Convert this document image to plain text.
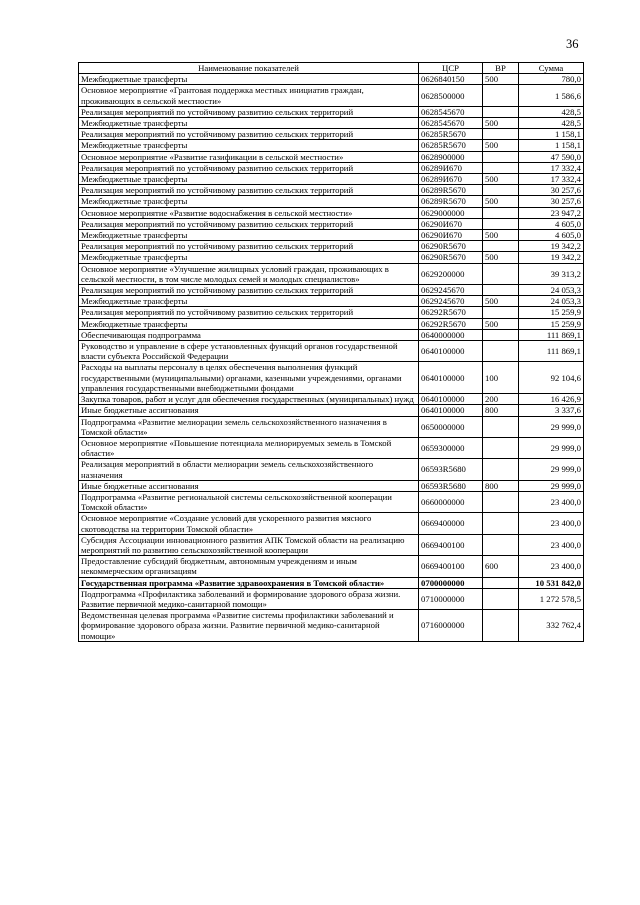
36
Наименование показателей	ЦСР	ВР	Сумма
Межбюджетные трансферты	0626840150	500	780,0
Основное мероприятие «Грантовая поддержка местных инициатив граждан, проживающих в сельской местности»	0628500000		1 586,6
Реализация мероприятий по устойчивому развитию сельских территорий	0628545670		428,5
Межбюджетные трансферты	0628545670	500	428,5
Реализация мероприятий по устойчивому развитию сельских территорий	06285R5670		1 158,1
Межбюджетные трансферты	06285R5670	500	1 158,1
Основное мероприятие «Развитие газификации в сельской местности»	0628900000		47 590,0
Реализация мероприятий по устойчивому развитию сельских территорий	06289И670		17 332,4
Межбюджетные трансферты	06289И670	500	17 332,4
Реализация мероприятий по устойчивому развитию сельских территорий	06289R5670		30 257,6
Межбюджетные трансферты	06289R5670	500	30 257,6
Основное мероприятие «Развитие водоснабжения в сельской местности»	0629000000		23 947,2
Реализация мероприятий по устойчивому развитию сельских территорий	06290И670		4 605,0
Межбюджетные трансферты	06290И670	500	4 605,0
Реализация мероприятий по устойчивому развитию сельских территорий	06290R5670		19 342,2
Межбюджетные трансферты	06290R5670	500	19 342,2
Основное мероприятие «Улучшение жилищных условий граждан, проживающих в сельской местности, в том числе молодых семей и молодых специалистов»	0629200000		39 313,2
Реализация мероприятий по устойчивому развитию сельских территорий	0629245670		24 053,3
Межбюджетные трансферты	0629245670	500	24 053,3
Реализация мероприятий по устойчивому развитию сельских территорий	06292R5670		15 259,9
Межбюджетные трансферты	06292R5670	500	15 259,9
Обеспечивающая подпрограмма	0640000000		111 869,1
Руководство и управление в сфере установленных функций органов государственной власти субъекта Российской Федерации	0640100000		111 869,1
Расходы на выплаты персоналу в целях обеспечения выполнения функций государственными (муниципальными) органами, казенными учреждениями, органами управления государственными внебюджетными фондами	0640100000	100	92 104,6
Закупка товаров, работ и услуг для обеспечения государственных (муниципальных) нужд	0640100000	200	16 426,9
Иные бюджетные ассигнования	0640100000	800	3 337,6
Подпрограмма «Развитие мелиорации земель сельскохозяйственного назначения в Томской области»	0650000000		29 999,0
Основное мероприятие «Повышение потенциала мелиорируемых земель в Томской области»	0659300000		29 999,0
Реализация мероприятий в области мелиорации земель сельскохозяйственного назначения	06593R5680		29 999,0
Иные бюджетные ассигнования	06593R5680	800	29 999,0
Подпрограмма «Развитие региональной системы сельскохозяйственной кооперации Томской области»	0660000000		23 400,0
Основное мероприятие «Создание условий для ускоренного развития мясного скотоводства на территории Томской области»	0669400000		23 400,0
Субсидия Ассоциации инновационного развития АПК Томской области на реализацию мероприятий по развитию сельскохозяйственной кооперации	0669400100		23 400,0
Предоставление субсидий бюджетным, автономным учреждениям и иным некоммерческим организациям	0669400100	600	23 400,0
Государственная программа «Развитие здравоохранения в Томской области»	0700000000		10 531 842,0
Подпрограмма «Профилактика заболеваний и формирование здорового образа жизни. Развитие первичной медико-санитарной помощи»	0710000000		1 272 578,5
Ведомственная целевая программа «Развитие системы профилактики заболеваний и формирование здорового образа жизни. Развитие первичной медико-санитарной помощи»	0716000000		332 762,4
